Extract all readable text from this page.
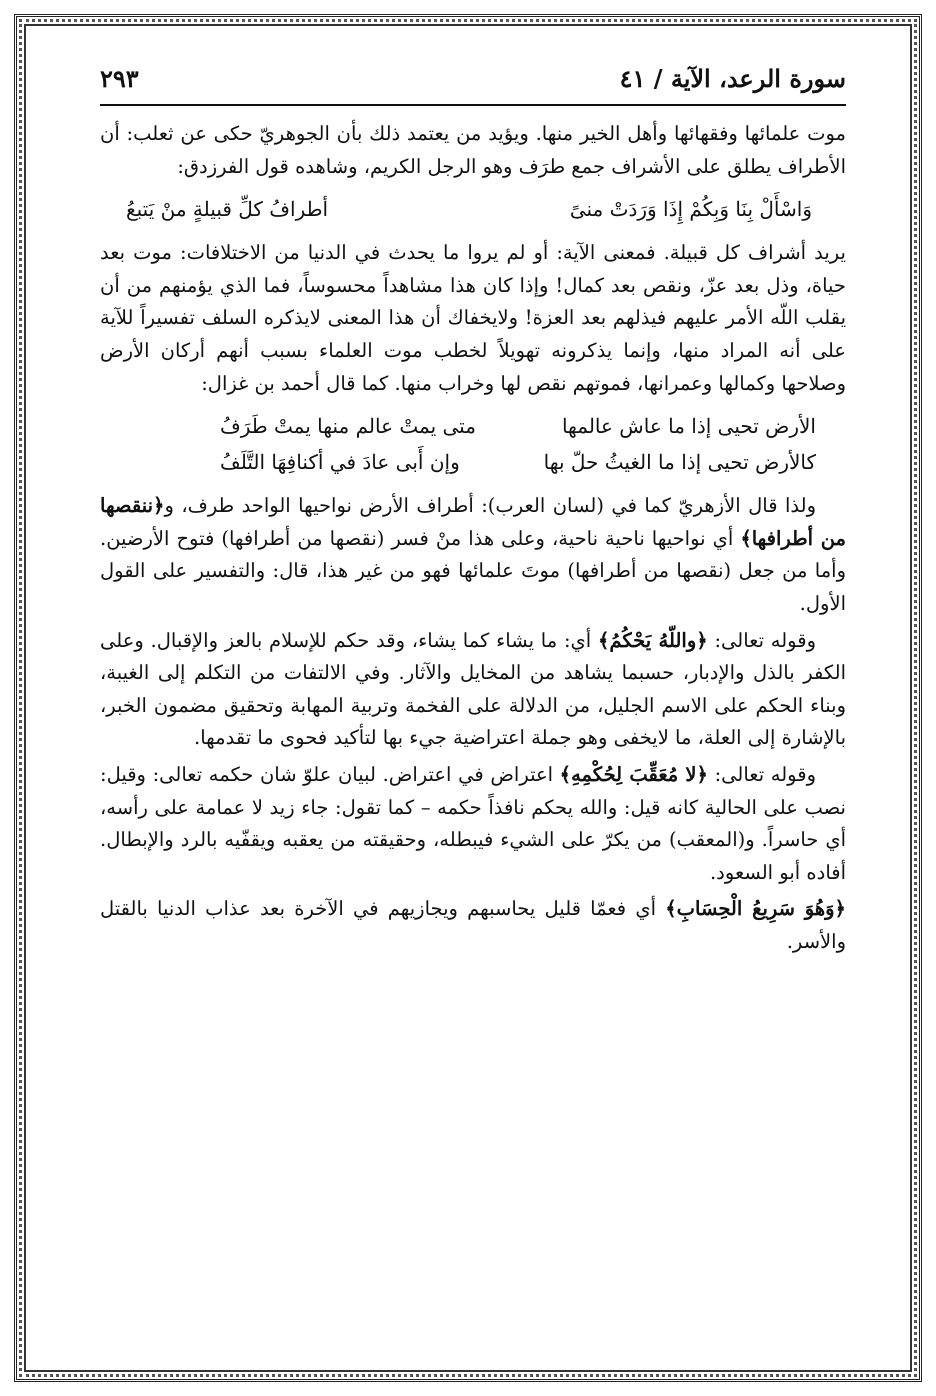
سورة الرعد، الآية / ٤١
٢٩٣

موت علمائها وفقهائها وأهل الخير منها. ويؤيد من يعتمد ذلك بأن الجوهريّ حكى عن ثعلب: أن الأطراف يطلق على الأشراف جمع طرَف وهو الرجل الكريم، وشاهده قول الفرزدق:

وَاسْأَلْ بِنَا وَبِكُمْ إِذَا وَرَدَتْ منىً
أطرافُ كلِّ قبيلةٍ منْ يَتبعُ

يريد أشراف كل قبيلة. فمعنى الآية: أو لم يروا ما يحدث في الدنيا من الاختلافات: موت بعد حياة، وذل بعد عزّ، ونقص بعد كمال! وإذا كان هذا مشاهداً محسوساً، فما الذي يؤمنهم من أن يقلب اللّه الأمر عليهم فيذلهم بعد العزة! ولايخفاك أن هذا المعنى لايذكره السلف تفسيراً للآية على أنه المراد منها، وإنما يذكرونه تهويلاً لخطب موت العلماء بسبب أنهم أركان الأرض وصلاحها وكمالها وعمرانها، فموتهم نقص لها وخراب منها. كما قال أحمد بن غزال:

الأرض تحيى إذا ما عاش عالمها
متى يمتْ عالم منها يمتْ طَرَفُ
كالأرض تحيى إذا ما الغيثُ حلّ بها
وإن أَبى عادَ في أكنافِهَا التَّلَفُ

ولذا قال الأزهريّ كما في (لسان العرب): أطراف الأرض نواحيها الواحد طرف، و﴿ننقصها من أطرافها﴾ أي نواحيها ناحية ناحية، وعلى هذا منْ فسر (نقصها من أطرافها) فتوح الأرضين. وأما من جعل (نقصها من أطرافها) موتَ علمائها فهو من غير هذا، قال: والتفسير على القول الأول.

وقوله تعالى: ﴿واللّهُ يَحْكُمُ﴾ أي: ما يشاء كما يشاء، وقد حكم للإسلام بالعز والإقبال. وعلى الكفر بالذل والإدبار، حسبما يشاهد من المخايل والآثار. وفي الالتفات من التكلم إلى الغيبة، وبناء الحكم على الاسم الجليل، من الدلالة على الفخمة وتربية المهابة وتحقيق مضمون الخبر، بالإشارة إلى العلة، ما لايخفى وهو جملة اعتراضية جيء بها لتأكيد فحوى ما تقدمها.

وقوله تعالى: ﴿لا مُعَقِّبَ لِحُكْمِهِ﴾ اعتراض في اعتراض. لبيان علوّ شان حكمه تعالى: وقيل: نصب على الحالية كانه قيل: والله يحكم نافذاً حكمه – كما تقول: جاء زيد لا عمامة على رأسه، أي حاسراً. و(المعقب) من يكرّ على الشيء فيبطله، وحقيقته من يعقبه ويقفّيه بالرد والإبطال. أفاده أبو السعود.

﴿وَهُوَ سَرِيعُ الْحِسَابِ﴾ أي فعمّا قليل يحاسبهم ويجازيهم في الآخرة بعد عذاب الدنيا بالقتل والأسر.
